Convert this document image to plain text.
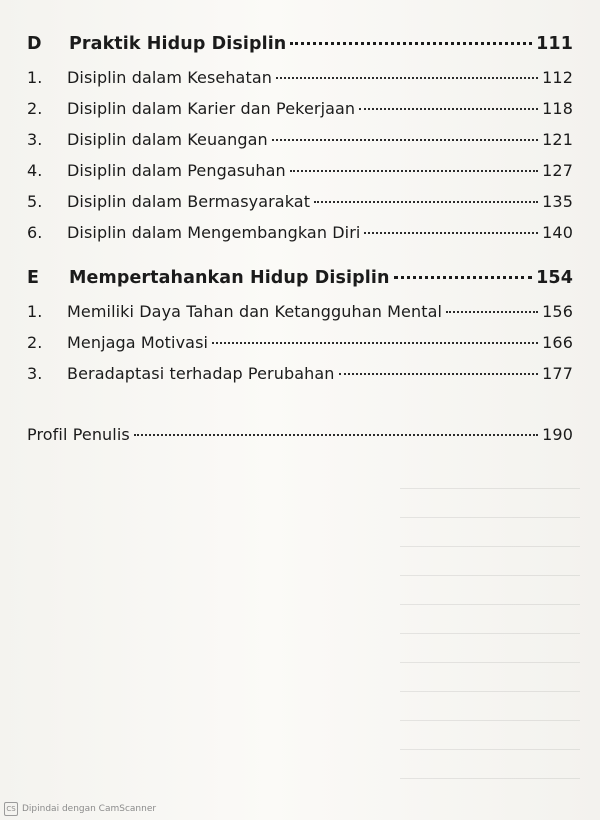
D	Praktik Hidup Disiplin	111
1.	Disiplin dalam Kesehatan	112
2.	Disiplin dalam Karier dan Pekerjaan	118
3.	Disiplin dalam Keuangan	121
4.	Disiplin dalam Pengasuhan	127
5.	Disiplin dalam Bermasyarakat	135
6.	Disiplin dalam Mengembangkan Diri	140
E	Mempertahankan Hidup Disiplin	154
1.	Memiliki Daya Tahan dan Ketangguhan Mental	156
2.	Menjaga Motivasi	166
3.	Beradaptasi terhadap Perubahan	177
Profil Penulis	190
CS Dipindai dengan CamScanner
